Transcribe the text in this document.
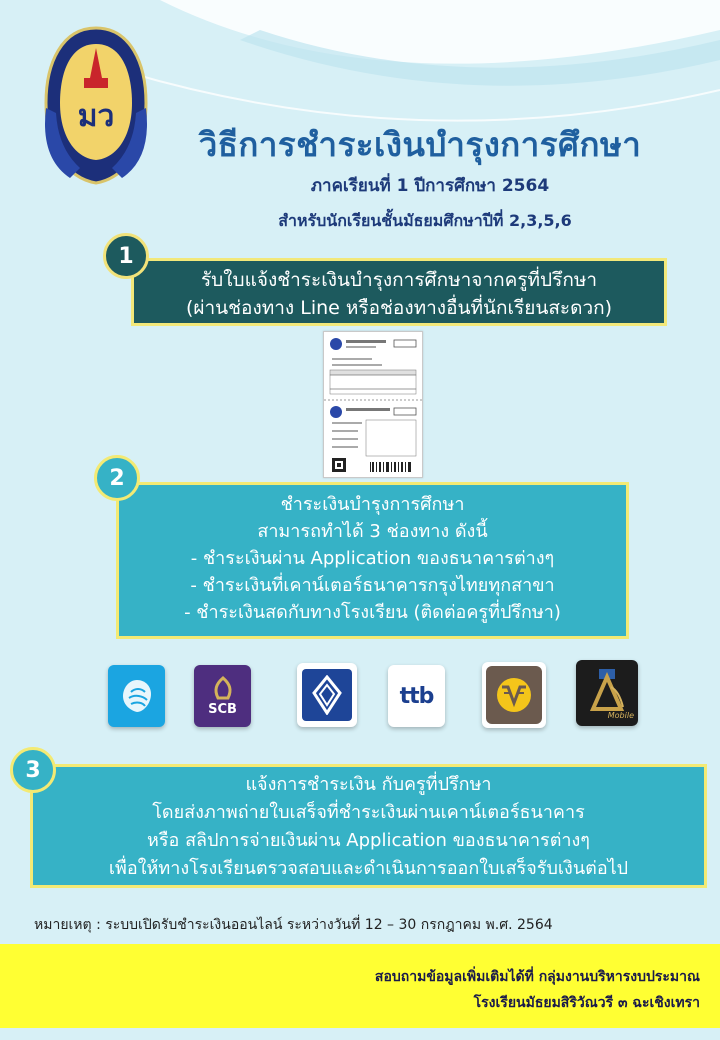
มว
วิธีการชำระเงินบำรุงการศึกษา
ภาคเรียนที่ 1 ปีการศึกษา 2564
สำหรับนักเรียนชั้นมัธยมศึกษาปีที่ 2,3,5,6
รับใบแจ้งชำระเงินบำรุงการศึกษาจากครูที่ปรึกษา
(ผ่านช่องทาง Line หรือช่องทางอื่นที่นักเรียนสะดวก)
1
ชำระเงินบำรุงการศึกษา
สามารถทำได้ 3 ช่องทาง ดังนี้
- ชำระเงินผ่าน Application ของธนาคารต่างๆ
- ชำระเงินที่เคาน์เตอร์ธนาคารกรุงไทยทุกสาขา
- ชำระเงินสดกับทางโรงเรียน (ติดต่อครูที่ปรึกษา)
2
SCB
ttb
Mobile
แจ้งการชำระเงิน กับครูที่ปรึกษา
โดยส่งภาพถ่ายใบเสร็จที่ชำระเงินผ่านเคาน์เตอร์ธนาคาร
หรือ สลิปการจ่ายเงินผ่าน Application ของธนาคารต่างๆ
เพื่อให้ทางโรงเรียนตรวจสอบและดำเนินการออกใบเสร็จรับเงินต่อไป
3
หมายเหตุ : ระบบเปิดรับชำระเงินออนไลน์ ระหว่างวันที่ 12 – 30 กรกฎาคม พ.ศ. 2564
สอบถามข้อมูลเพิ่มเติมได้ที่ กลุ่มงานบริหารงบประมาณ
โรงเรียนมัธยมสิริวัณวรี ๓ ฉะเชิงเทรา
